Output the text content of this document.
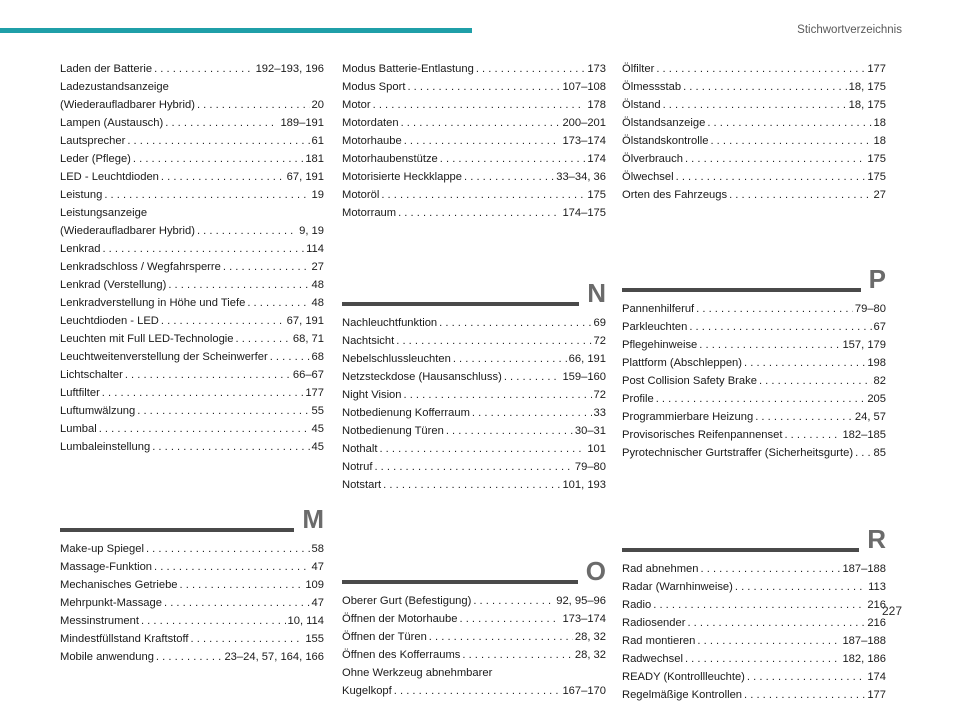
Stichwortverzeichnis
Laden der Batterie . . .	192–193, 196
Ladezustandsanzeige
(Wiederaufladbarer Hybrid) . . .	20
Lampen (Austausch) . . .	189–191
Lautsprecher . . .	61
Leder (Pflege) . . .	181
LED - Leuchtdioden . . .	67, 191
Leistung . . .	19
Leistungsanzeige
(Wiederaufladbarer Hybrid) . . .	9, 19
Lenkrad . . .	114
Lenkradschloss / Wegfahrsperre . . .	27
Lenkrad (Verstellung) . . .	48
Lenkradverstellung in Höhe und Tiefe . . .	48
Leuchtdioden - LED . . .	67, 191
Leuchten mit Full LED-Technologie . . .	68, 71
Leuchtweitenverstellung der Scheinwerfer . . .	68
Lichtschalter . . .	66–67
Luftfilter . . .	177
Luftumwälzung . . .	55
Lumbal . . .	45
Lumbaleinstellung . . .	45
M
Make-up Spiegel . . .	58
Massage-Funktion . . .	47
Mechanisches Getriebe . . .	109
Mehrpunkt-Massage . . .	47
Messinstrument . . .	10, 114
Mindestfüllstand Kraftstoff . . .	155
Mobile anwendung . . .	23–24, 57, 164, 166
Modus Batterie-Entlastung . . .	173
Modus Sport . . .	107–108
Motor . . .	178
Motordaten . . .	200–201
Motorhaube . . .	173–174
Motorhaubenstütze . . .	174
Motorisierte Heckklappe . . .	33–34, 36
Motoröl . . .	175
Motorraum . . .	174–175
N
Nachleuchtfunktion . . .	69
Nachtsicht . . .	72
Nebelschlussleuchten . . .	66, 191
Netzsteckdose (Hausanschluss) . . .	159–160
Night Vision . . .	72
Notbedienung Kofferraum . . .	33
Notbedienung Türen . . .	30–31
Nothalt . . .	101
Notruf . . .	79–80
Notstart . . .	101, 193
O
Oberer Gurt (Befestigung) . . .	92, 95–96
Öffnen der Motorhaube . . .	173–174
Öffnen der Türen . . .	28, 32
Öffnen des Kofferraums . . .	28, 32
Ohne Werkzeug abnehmbarer
Kugelkopf . . .	167–170
Ölfilter . . .	177
Ölmessstab . . .	18, 175
Ölstand . . .	18, 175
Ölstandsanzeige . . .	18
Ölstandskontrolle . . .	18
Ölverbrauch . . .	175
Ölwechsel . . .	175
Orten des Fahrzeugs . . .	27
P
Pannenhilferuf . . .	79–80
Parkleuchten . . .	67
Pflegehinweise . . .	157, 179
Plattform (Abschleppen) . . .	198
Post Collision Safety Brake . . .	82
Profile . . .	205
Programmierbare Heizung . . .	24, 57
Provisorisches Reifenpannenset . . .	182–185
Pyrotechnischer Gurtstraffer (Sicherheitsgurte) . . . 85
R
Rad abnehmen . . .	187–188
Radar (Warnhinweise) . . .	113
Radio . . .	216
Radiosender . . .	216
Rad montieren . . .	187–188
Radwechsel . . .	182, 186
READY (Kontrollleuchte) . . .	174
Regelmäßige Kontrollen . . .	177
227
